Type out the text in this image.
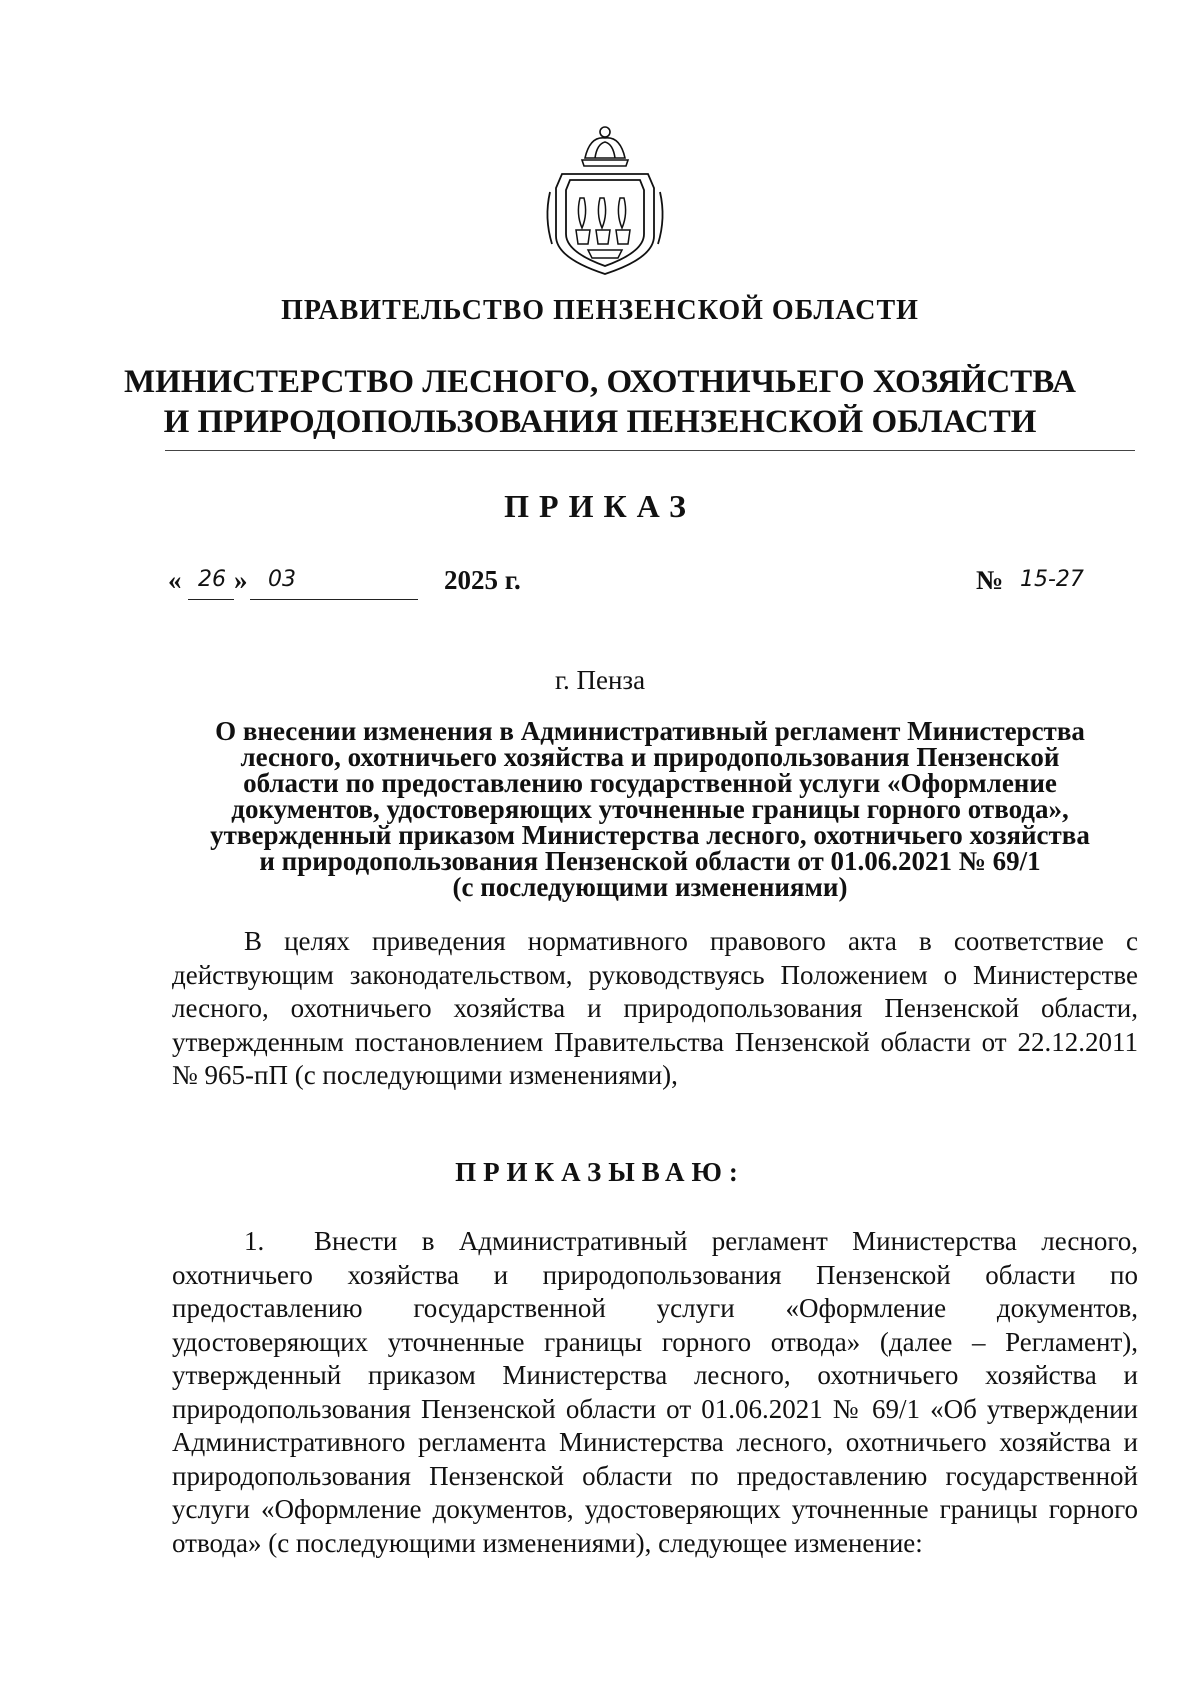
ПРАВИТЕЛЬСТВО ПЕНЗЕНСКОЙ ОБЛАСТИ
МИНИСТЕРСТВО ЛЕСНОГО, ОХОТНИЧЬЕГО ХОЗЯЙСТВА
И ПРИРОДОПОЛЬЗОВАНИЯ ПЕНЗЕНСКОЙ ОБЛАСТИ
ПРИКАЗ
« 26 » 03	2025 г.	№ 15-27
г. Пенза
О внесении изменения в Административный регламент Министерства
лесного, охотничьего хозяйства и природопользования Пензенской
области по предоставлению государственной услуги «Оформление
документов, удостоверяющих уточненные границы горного отвода»,
утвержденный приказом Министерства лесного, охотничьего хозяйства
и природопользования Пензенской области от 01.06.2021 № 69/1
(с последующими изменениями)

В целях приведения нормативного правового акта в соответствие с действующим законодательством, руководствуясь Положением о Министерстве лесного, охотничьего хозяйства и природопользования Пензенской области, утвержденным постановлением Правительства Пензенской области от 22.12.2011 № 965-пП (с последующими изменениями),

ПРИКАЗЫВАЮ:

1. Внести в Административный регламент Министерства лесного, охотничьего хозяйства и природопользования Пензенской области по предоставлению государственной услуги «Оформление документов, удостоверяющих уточненные границы горного отвода» (далее – Регламент), утвержденный приказом Министерства лесного, охотничьего хозяйства и природопользования Пензенской области от 01.06.2021 № 69/1 «Об утверждении Административного регламента Министерства лесного, охотничьего хозяйства и природопользования Пензенской области по предоставлению государственной услуги «Оформление документов, удостоверяющих уточненные границы горного отвода» (с последующими изменениями), следующее изменение:
